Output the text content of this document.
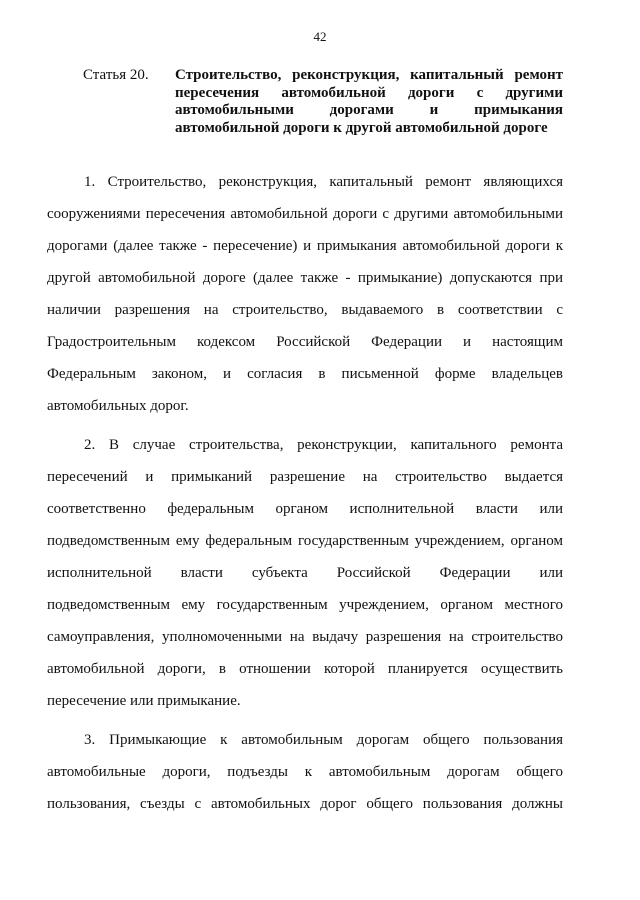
42
Статья 20.	Строительство, реконструкция, капитальный ремонт
пересечения автомобильной дороги с другими
автомобильными дорогами и примыкания
автомобильной дороги к другой автомобильной дороге
1. Строительство, реконструкция, капитальный ремонт являющихся
сооружениями пересечения автомобильной дороги с другими автомобильными
дорогами (далее также - пересечение) и примыкания автомобильной дороги к
другой автомобильной дороге (далее также - примыкание) допускаются при
наличии разрешения на строительство, выдаваемого в соответствии с
Градостроительным кодексом Российской Федерации и настоящим
Федеральным законом, и согласия в письменной форме владельцев
автомобильных дорог.
2. В случае строительства, реконструкции, капитального ремонта
пересечений и примыканий разрешение на строительство выдается
соответственно федеральным органом исполнительной власти или
подведомственным ему федеральным государственным учреждением, органом
исполнительной власти субъекта Российской Федерации или
подведомственным ему государственным учреждением, органом местного
самоуправления, уполномоченными на выдачу разрешения на строительство
автомобильной дороги, в отношении которой планируется осуществить
пересечение или примыкание.
3. Примыкающие к автомобильным дорогам общего пользования
автомобильные дороги, подъезды к автомобильным дорогам общего
пользования, съезды с автомобильных дорог общего пользования должны
